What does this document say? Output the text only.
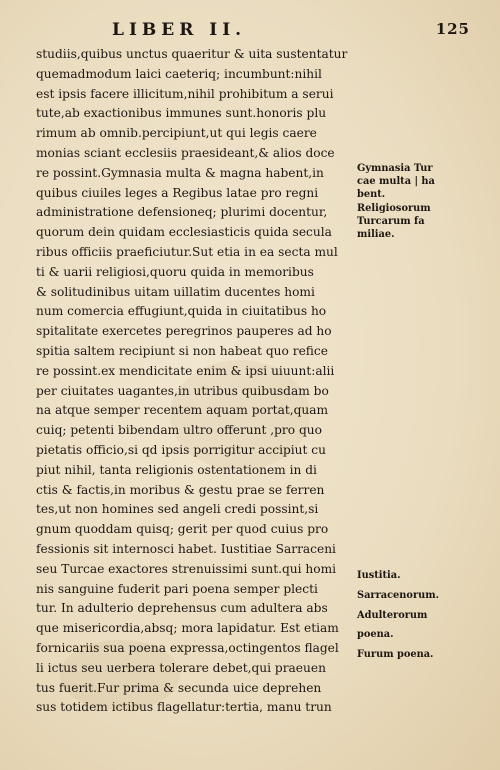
LIBER II.	125
studiis,quibus unctus quaeritur & uita sustentatur
quemadmodum laici caeteriq; incumbunt:nihil
est ipsis facere illicitum,nihil prohibitum a serui
tute,ab exactionibus immunes sunt.honoris plu
rimum ab omnib.percipiunt,ut qui legis caere
monias sciant ecclesiis praesideant,& alios doce
re possint.Gymnasia multa & magna habent,in
quibus ciuiles leges a Regibus latae pro regni
administratione defensioneq; plurimi docentur,
quorum dein quidam ecclesiasticis quida secula
ribus officiis praeficiutur.Sut etia in ea secta mul
ti & uarii religiosi,quoru quida in memoribus
& solitudinibus uitam uillatim ducentes homi
num comercia effugiunt,quida in ciuitatibus ho
spitalitate exercetes peregrinos pauperes ad ho
spitia saltem recipiunt si non habeat quo refice
re possint.ex mendicitate enim & ipsi uiuunt:alii
per ciuitates uagantes,in utribus quibusdam bo
na atque semper recentem aquam portat,quam
cuiq; petenti bibendam ultro offerunt ,pro quo
pietatis officio,si qd ipsis porrigitur accipiut cu
piut nihil, tanta religionis ostentationem in di
ctis & factis,in moribus & gestu prae se ferren
tes,ut non homines sed angeli credi possint,si
gnum quoddam quisq; gerit per quod cuius pro
fessionis sit internosci habet. Iustitiae Sarraceni
seu Turcae exactores strenuissimi sunt.qui homi
nis sanguine fuderit pari poena semper plecti
tur. In adulterio deprehensus cum adultera abs
que misericordia,absq; mora lapidatur. Est etiam
fornicariis sua poena expressa,octingentos flagel
li ictus seu uerbera tolerare debet,qui praeuen
tus fuerit.Fur prima & secunda uice deprehen
sus totidem ictibus flagellatur:tertia, manu trun
Gymnasia Tur
cae multa | ha
bent.
Religiosorum
Turcarum fa
miliae.
Iustitia.
Sarracenorum.
Adulterorum
poena.
Furum poena.
